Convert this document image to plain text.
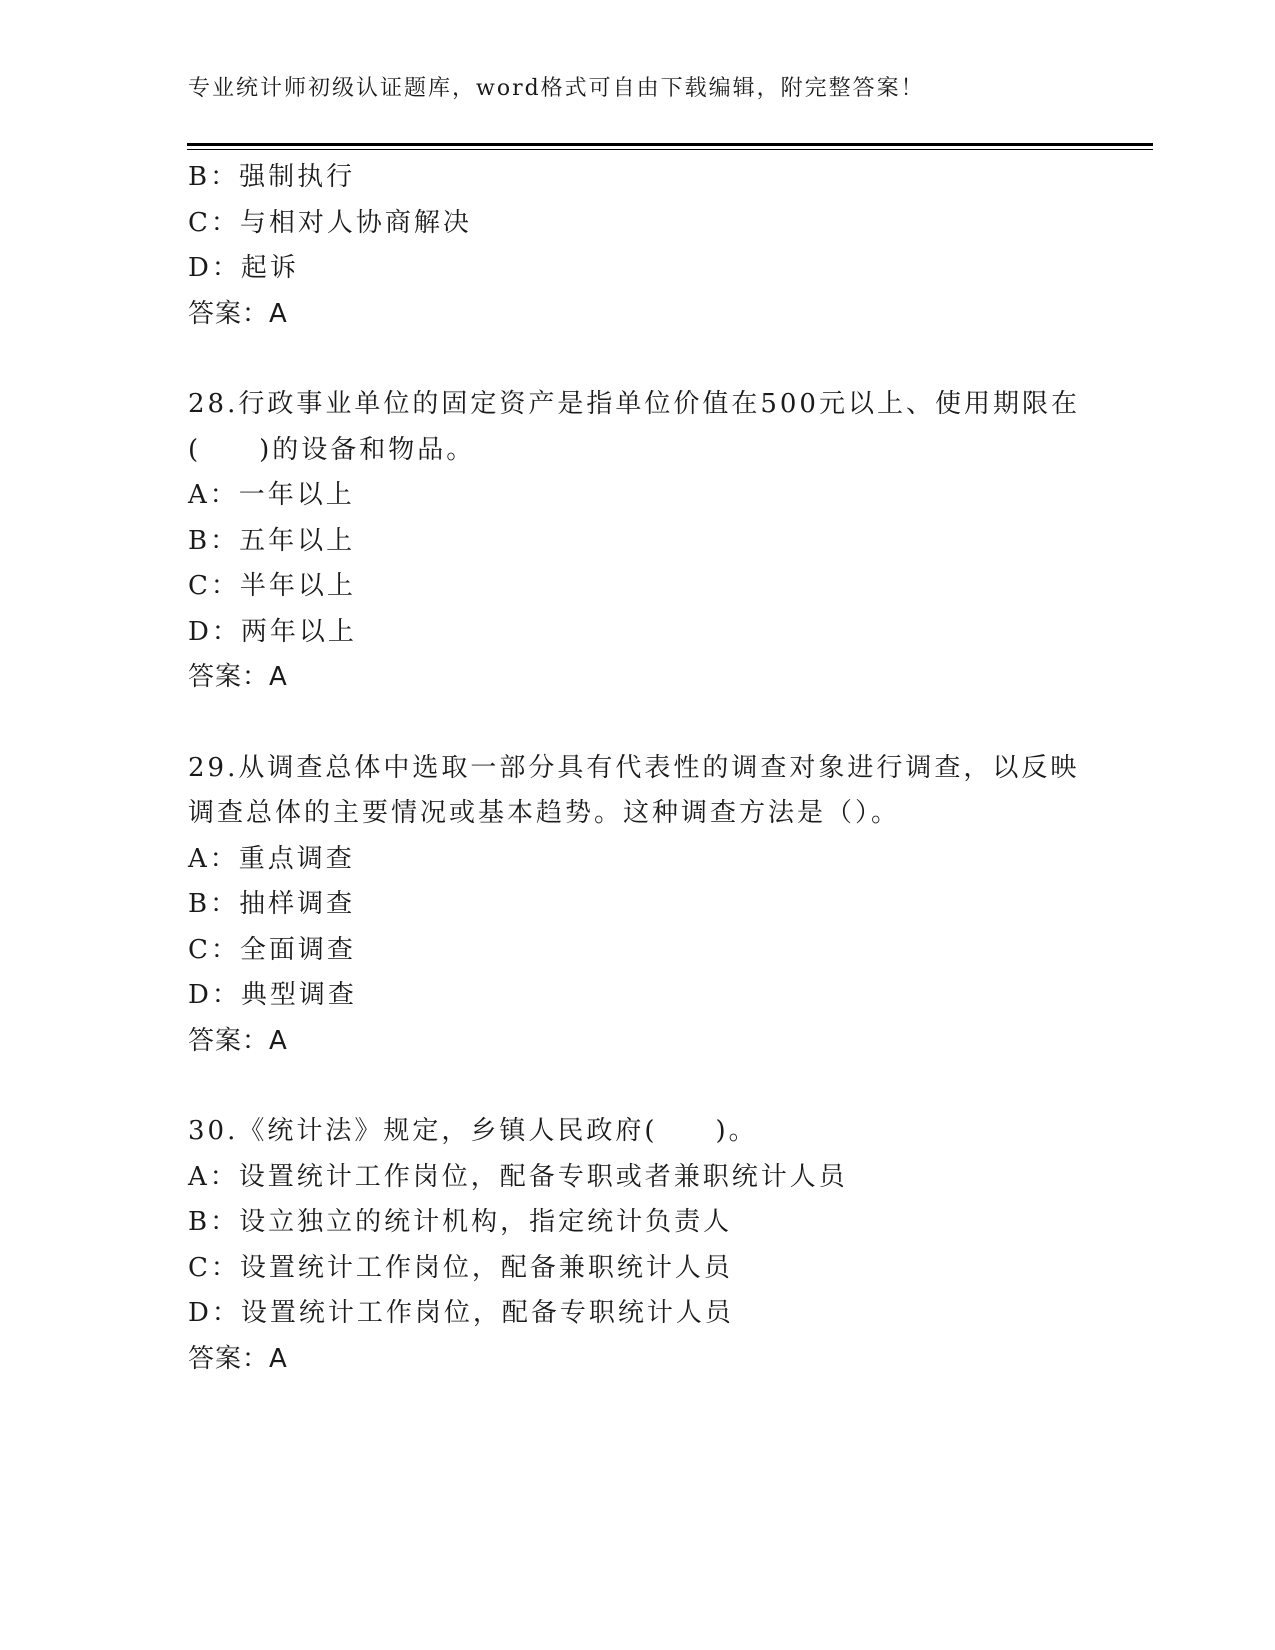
专业统计师初级认证题库，word格式可自由下载编辑，附完整答案！
B：强制执行
C：与相对人协商解决
D：起诉
答案：A
28.行政事业单位的固定资产是指单位价值在500元以上、使用期限在
(　　)的设备和物品。
A：一年以上
B：五年以上
C：半年以上
D：两年以上
答案：A
29.从调查总体中选取一部分具有代表性的调查对象进行调查，以反映
调查总体的主要情况或基本趋势。这种调查方法是（）。
A：重点调查
B：抽样调查
C：全面调查
D：典型调查
答案：A
30.《统计法》规定，乡镇人民政府(　　)。
A：设置统计工作岗位，配备专职或者兼职统计人员
B：设立独立的统计机构，指定统计负责人
C：设置统计工作岗位，配备兼职统计人员
D：设置统计工作岗位，配备专职统计人员
答案：A
